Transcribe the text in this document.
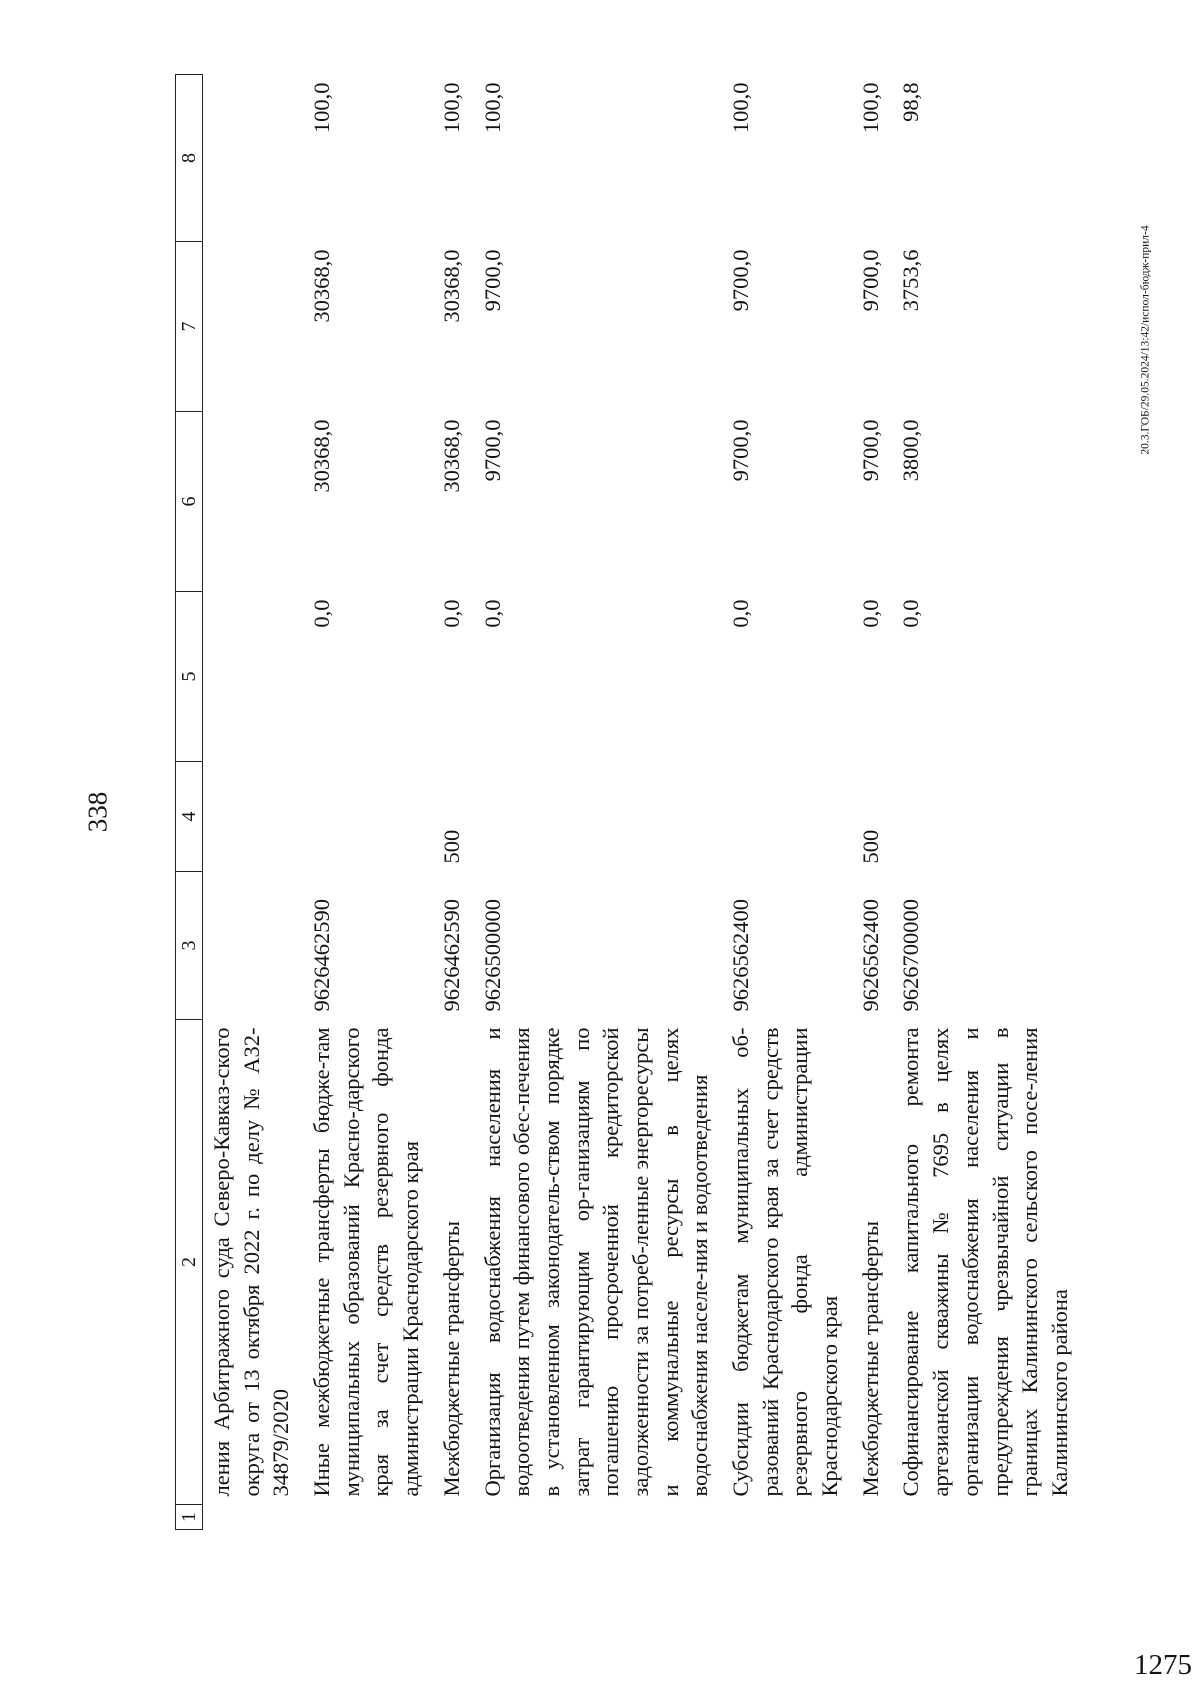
338
20.3.ГОБ/29.05.2024/13:42/испол-бюдж-прил-4
1275
1	2	3	4	5	6	7	8
	ления Арбитражного суда Северо-Кавказ-ского округа от 13 октября 2022 г. по делу № А32-34879/2020						
	Иные межбюджетные трансферты бюдже-там муниципальных образований Красно-дарского края за счет средств резервного фонда администрации Краснодарского края	9626462590		0,0	30368,0	30368,0	100,0
	Межбюджетные трансферты	9626462590	500	0,0	30368,0	30368,0	100,0
	Организация водоснабжения населения и водоотведения путем финансового обес-печения в установленном законодатель-ством порядке затрат гарантирующим ор-ганизациям по погашению просроченной кредиторской задолженности за потреб-ленные энергоресурсы и коммунальные ресурсы в целях водоснабжения населе-ния и водоотведения	9626500000		0,0	9700,0	9700,0	100,0
	Субсидии бюджетам муниципальных об-разований Краснодарского края за счет средств резервного фонда администрации Краснодарского края	9626562400		0,0	9700,0	9700,0	100,0
	Межбюджетные трансферты	9626562400	500	0,0	9700,0	9700,0	100,0
	Софинансирование капитального ремонта артезианской скважины № 7695 в целях организации водоснабжения населения и предупреждения чрезвычайной ситуации в границах Калининского сельского посе-ления Калининского района	9626700000		0,0	3800,0	3753,6	98,8
